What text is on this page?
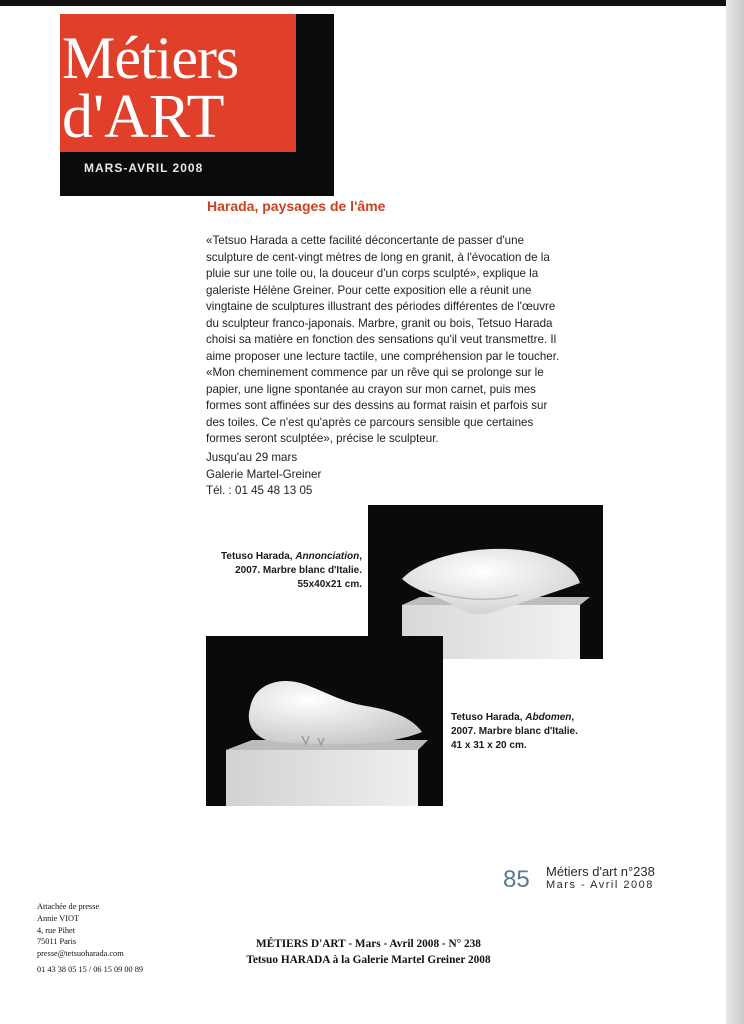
Métiers
d'ART
MARS-AVRIL 2008
Harada, paysages de l'âme

«Tetsuo Harada a cette facilité déconcertante de passer d'une

sculpture de cent-vingt mètres de long en granit, à l'évocation de la

pluie sur une toile ou, la douceur d'un corps sculpté», explique la

galeriste Hélène Greiner. Pour cette exposition elle a réunit une

vingtaine de sculptures illustrant des périodes différentes de l'œuvre

du sculpteur franco-japonais. Marbre, granit ou bois, Tetsuo Harada

choisi sa matière en fonction des sensations qu'il veut transmettre. Il

aime proposer une lecture tactile, une compréhension par le toucher.

«Mon cheminement commence par un rêve qui se prolonge sur le

papier, une ligne spontanée au crayon sur mon carnet, puis mes

formes sont affinées sur des dessins au format raisin et parfois sur

des toiles. Ce n'est qu'après ce parcours sensible que certaines

formes seront sculptée», précise le sculpteur.

Jusqu'au 29 mars

Galerie Martel-Greiner

Tél. : 01 45 48 13 05

Tetuso Harada, Annonciation,

2007. Marbre blanc d'Italie.

55x40x21 cm.

Tetuso Harada, Abdomen,

2007. Marbre blanc d'Italie.

41 x 31 x 20 cm.

85 Métiers d'art n°238
Mars - Avril 2008

Attachée de presse

Annie VIOT

4, rue Pihet

75011 Paris

presse@tetsuoharada.com

01 43 38 05 15 / 06 15 09 00 89

MÉTIERS D'ART - Mars - Avril 2008 - N° 238

Tetsuo HARADA à la Galerie Martel Greiner 2008
